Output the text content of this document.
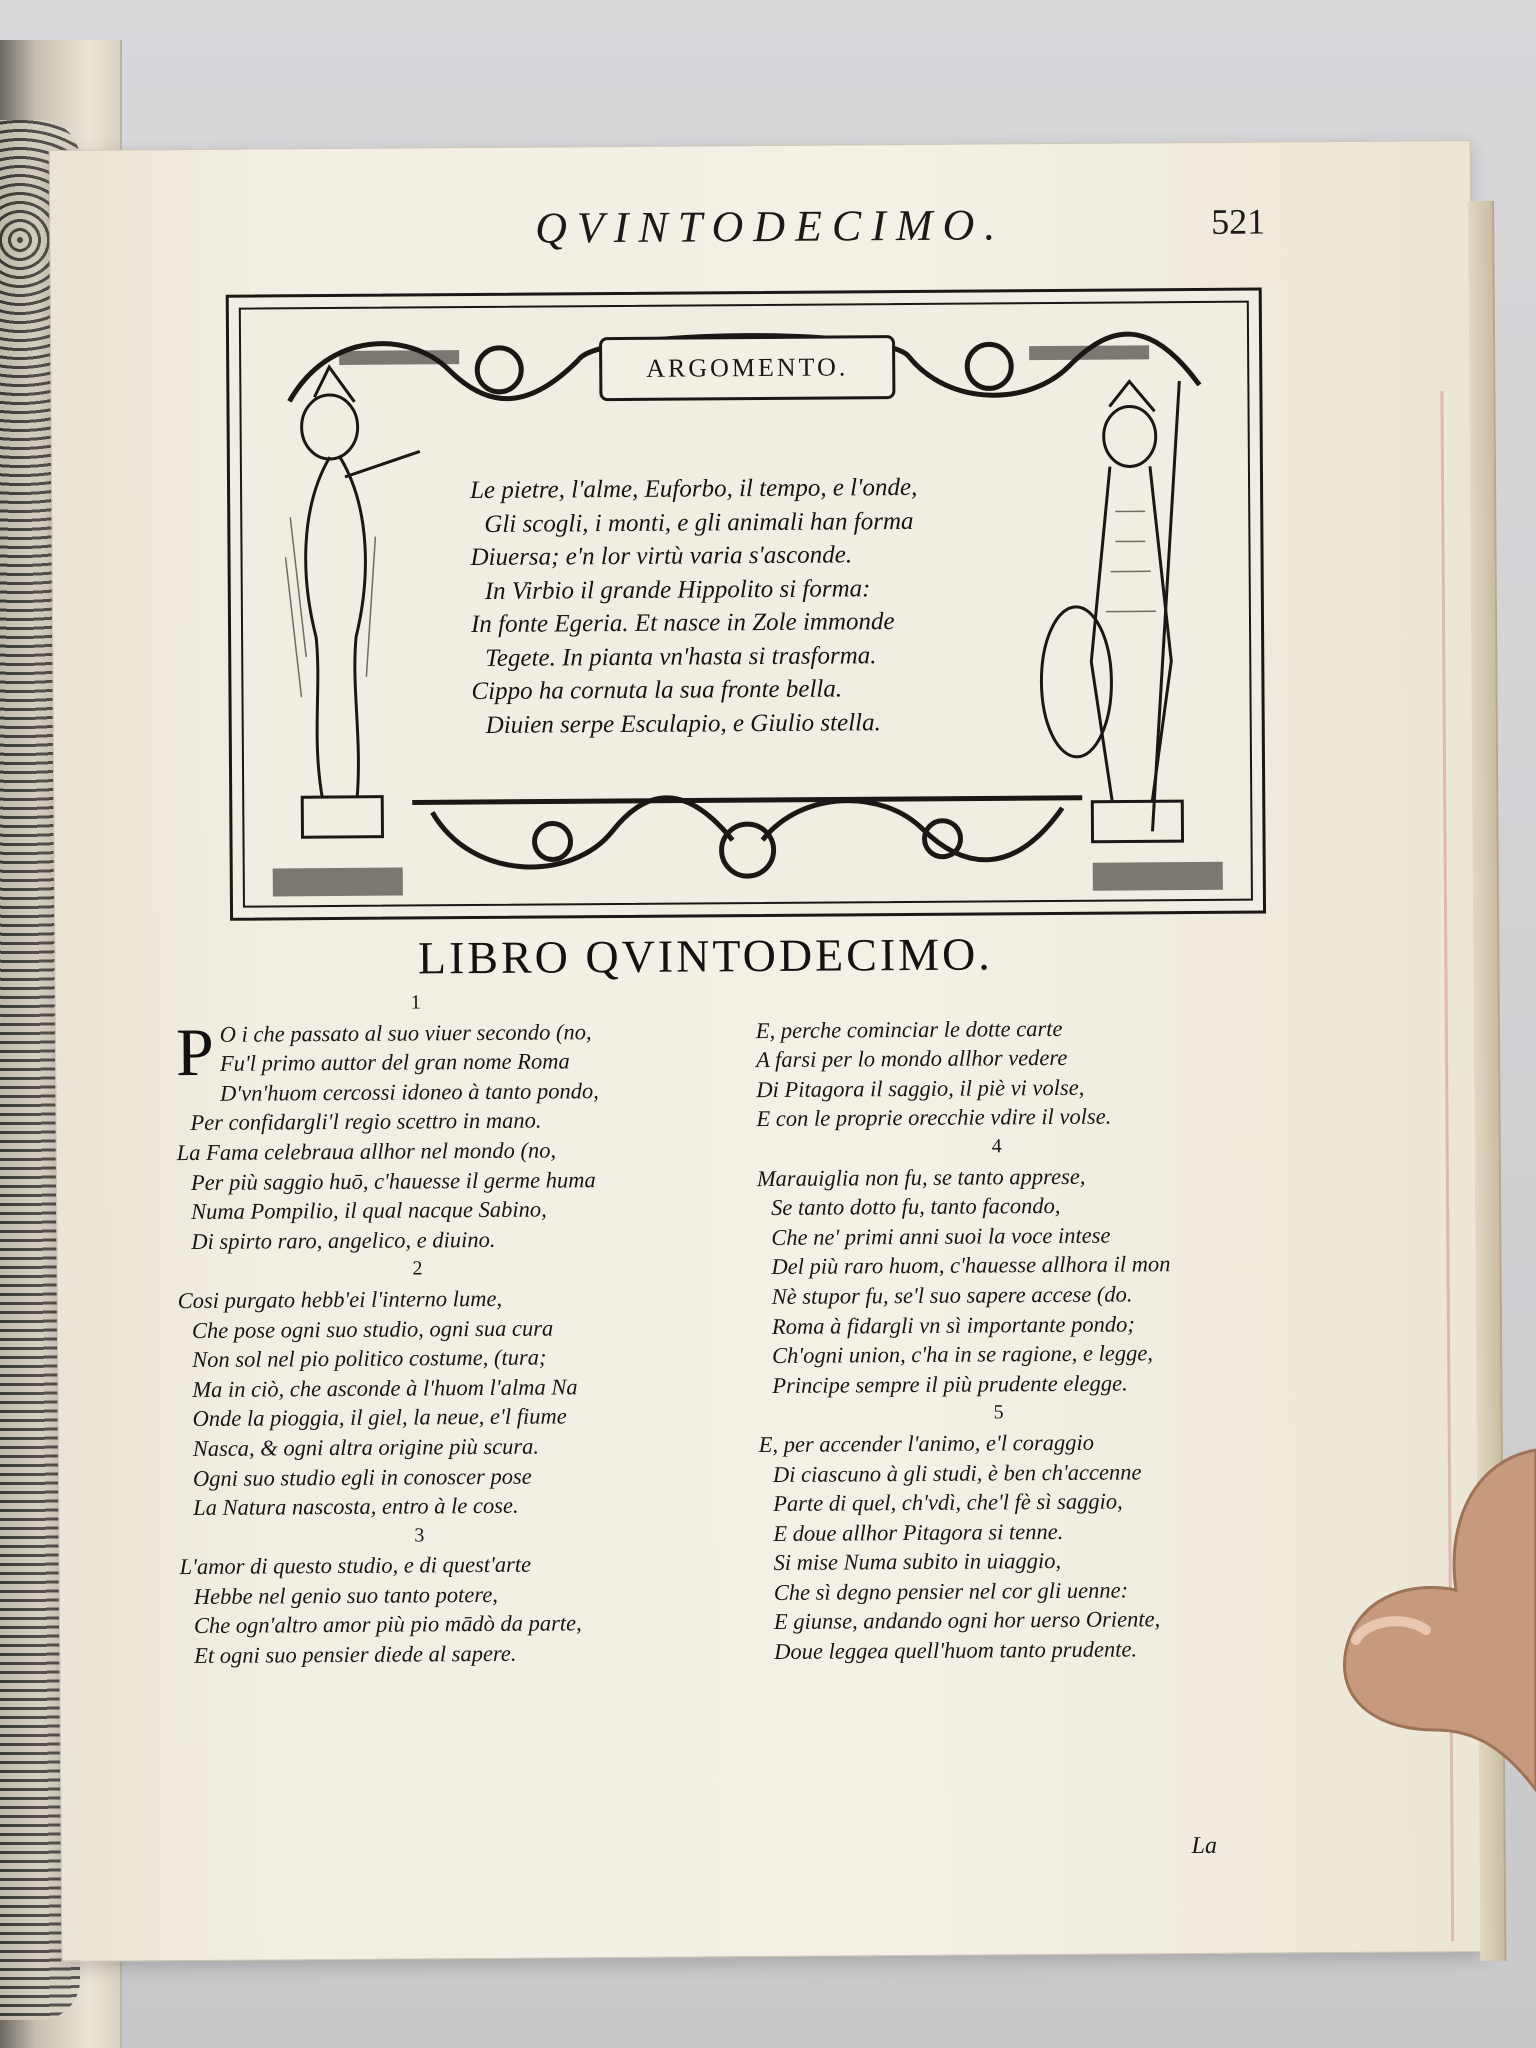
QVINTODECIMO.	521
ARGOMENTO.
Le pietre, l'alme, Euforbo, il tempo, e l'onde,
Gli scogli, i monti, e gli animali han forma
Diuersa; e'n lor virtù varia s'asconde.
In Virbio il grande Hippolito si forma:
In fonte Egeria. Et nasce in Zole immonde
Tegete. In pianta vn'hasta si trasforma.
Cippo ha cornuta la sua fronte bella.
Diuien serpe Esculapio, e Giulio stella.
LIBRO QVINTODECIMO.
1
P O i che passato al suo viuer secondo (no,
Fu'l primo auttor del gran nome Roma
D'vn'huom cercossi idoneo à tanto pondo,
Per confidargli'l regio scettro in mano.
La Fama celebraua allhor nel mondo (no,
Per più saggio huō, c'hauesse il germe huma
Numa Pompilio, il qual nacque Sabino,
Di spirto raro, angelico, e diuino.
2
Cosi purgato hebb'ei l'interno lume,
Che pose ogni suo studio, ogni sua cura
Non sol nel pio politico costume, (tura;
Ma in ciò, che asconde à l'huom l'alma Na
Onde la pioggia, il giel, la neue, e'l fiume
Nasca, & ogni altra origine più scura.
Ogni suo studio egli in conoscer pose
La Natura nascosta, entro à le cose.
3
L'amor di questo studio, e di quest'arte
Hebbe nel genio suo tanto potere,
Che ogn'altro amor più pio mādò da parte,
Et ogni suo pensier diede al sapere.
E, perche cominciar le dotte carte
A farsi per lo mondo allhor vedere
Di Pitagora il saggio, il piè vi volse,
E con le proprie orecchie vdire il volse.
4
Marauiglia non fu, se tanto apprese,
Se tanto dotto fu, tanto facondo,
Che ne' primi anni suoi la voce intese
Del più raro huom, c'hauesse allhora il mon
Nè stupor fu, se'l suo sapere accese (do.
Roma à fidargli vn sì importante pondo;
Ch'ogni union, c'ha in se ragione, e legge,
Principe sempre il più prudente elegge.
5
E, per accender l'animo, e'l coraggio
Di ciascuno à gli studi, è ben ch'accenne
Parte di quel, ch'vdì, che'l fè sì saggio,
E doue allhor Pitagora si tenne.
Si mise Numa subito in uiaggio,
Che sì degno pensier nel cor gli uenne:
E giunse, andando ogni hor uerso Oriente,
Doue leggea quell'huom tanto prudente.
La
